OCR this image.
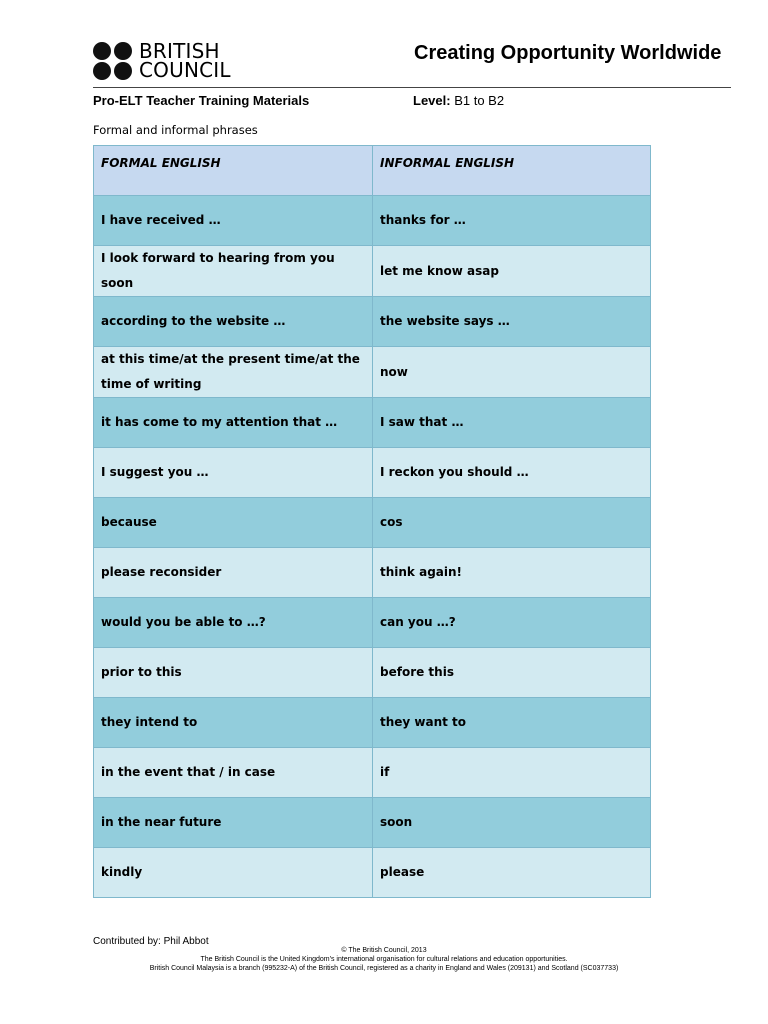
BRITISH
COUNCIL
Creating Opportunity Worldwide
Pro-ELT Teacher Training Materials	Level: B1 to B2
Formal and informal phrases
FORMAL ENGLISH	INFORMAL ENGLISH
I have received …	thanks for …
I look forward to hearing from you soon	let me know asap
according to the website …	the website says …
at this time/at the present time/at the time of writing	now
it has come to my attention that …	I saw that …
I suggest you …	I reckon you should …
because	cos
please reconsider	think again!
would you be able to …?	can you …?
prior to this	before this
they intend to	they want to
in the event that / in case	if
in the near future	soon
kindly	please
Contributed by: Phil Abbot
© The British Council, 2013
The British Council is the United Kingdom's international organisation for cultural relations and education opportunities.
British Council Malaysia is a branch (995232-A) of the British Council, registered as a charity in England and Wales (209131) and Scotland (SC037733)
